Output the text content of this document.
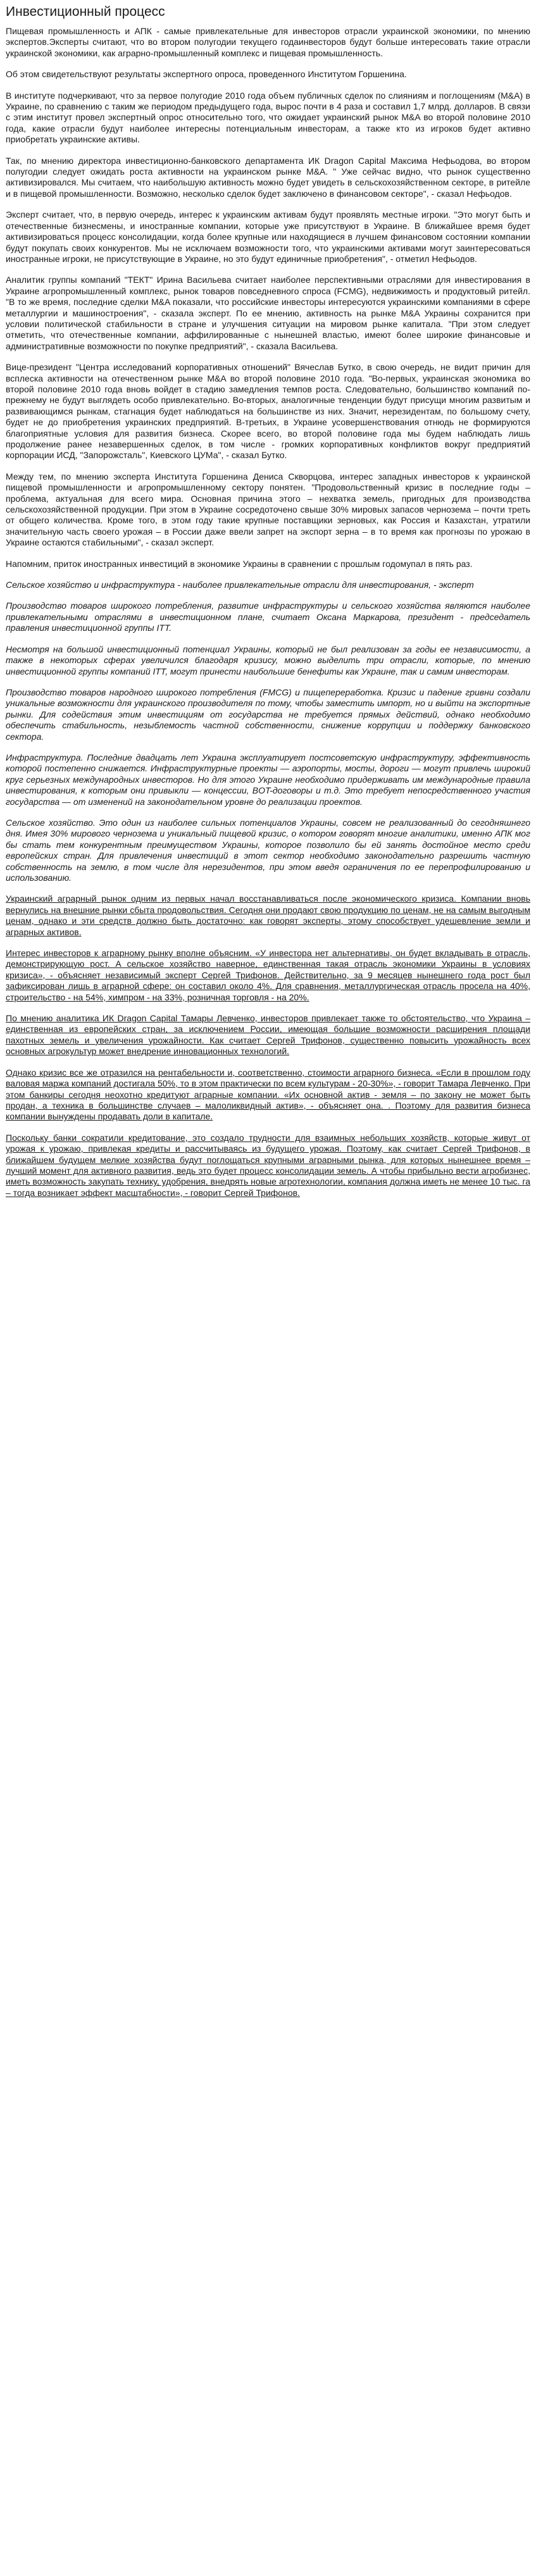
Инвестиционный процесс

Пищевая промышленность и АПК - самые привлекательные для инвесторов отрасли украинской экономики, по мнению экспертов.Эксперты считают, что во втором полугодии текущего годаинвесторов будут больше интересовать такие отрасли украинской экономики, как аграрно-промышленный комплекс и пищевая промышленность.

Об этом свидетельствуют результаты экспертного опроса, проведенного Институтом Горшенина.

В институте подчеркивают, что за первое полугодие 2010 года объем публичных сделок по слияниям и поглощениям (M&A) в Украине, по сравнению с таким же периодом предыдущего года, вырос почти в 4 раза и составил 1,7 млрд. долларов. В связи с этим институт провел экспертный опрос относительно того, что ожидает украинский рынок M&A во второй половине 2010 года, какие отрасли будут наиболее интересны потенциальным инвесторам, а также кто из игроков будет активно приобретать украинские активы.

Так, по мнению директора инвестиционно-банковского департамента ИК Dragon Capital Максима Нефьодова, во втором полугодии следует ожидать роста активности на украинском рынке M&A. " Уже сейчас видно, что рынок существенно активизировался. Мы считаем, что наибольшую активность можно будет увидеть в сельскохозяйственном секторе, в ритейле и в пищевой промышленности. Возможно, несколько сделок будет заключено в финансовом секторе", - сказал Нефьодов.

Эксперт считает, что, в первую очередь, интерес к украинским активам будут проявлять местные игроки. "Это могут быть и отечественные бизнесмены, и иностранные компании, которые уже присутствуют в Украине. В ближайшее время будет активизироваться процесс консолидации, когда более крупные или находящиеся в лучшем финансовом состоянии компании будут покупать своих конкурентов. Мы не исключаем возможности того, что украинскими активами могут заинтересоваться иностранные игроки, не присутствующие в Украине, но это будут единичные приобретения", - отметил Нефьодов.

Аналитик группы компаний "ТЕКТ" Ирина Васильева считает наиболее перспективными отраслями для инвестирования в Украине агропромышленный комплекс, рынок товаров повседневного спроса (FCMG), недвижимость и продуктовый ритейл. "В то же время, последние сделки M&A показали, что российские инвесторы интересуются украинскими компаниями в сфере металлургии и машиностроения", - сказала эксперт. По ее мнению, активность на рынке M&A Украины сохранится при условии политической стабильности в стране и улучшения ситуации на мировом рынке капитала. "При этом следует отметить, что отечественные компании, аффилированные с нынешней властью, имеют более широкие финансовые и административные возможности по покупке предприятий", - сказала Васильева.

Вице-президент "Центра исследований корпоративных отношений" Вячеслав Бутко, в свою очередь, не видит причин для всплеска активности на отечественном рынке M&A во второй половине 2010 года. "Во-первых, украинская экономика во второй половине 2010 года вновь войдет в стадию замедления темпов роста. Следовательно, большинство компаний по-прежнему не будут выглядеть особо привлекательно. Во-вторых, аналогичные тенденции будут присущи многим развитым и развивающимся рынкам, стагнация будет наблюдаться на большинстве из них. Значит, нерезидентам, по большому счету, будет не до приобретения украинских предприятий. В-третьих, в Украине усовершенствования отнюдь не формируются благоприятные условия для развития бизнеса. Скорее всего, во второй половине года мы будем наблюдать лишь продолжение ранее незавершенных сделок, в том числе - громких корпоративных конфликтов вокруг предприятий корпорации ИСД, "Запорожсталь", Киевского ЦУМа", - сказал Бутко.

Между тем, по мнению эксперта Института Горшенина Дениса Скворцова, интерес западных инвесторов к украинской пищевой промышленности и агропромышленному сектору понятен. "Продовольственный кризис в последние годы – проблема, актуальная для всего мира. Основная причина этого – нехватка земель, пригодных для производства сельскохозяйственной продукции. При этом в Украине сосредоточено свыше 30% мировых запасов чернозема – почти треть от общего количества. Кроме того, в этом году такие крупные поставщики зерновых, как Россия и Казахстан, утратили значительную часть своего урожая – в России даже ввели запрет на экспорт зерна – в то время как прогнозы по урожаю в Украине остаются стабильными", - сказал эксперт.

Напомним, приток иностранных инвестиций в экономике Украины в сравнении с прошлым годомупал в пять раз.

Сельское хозяйство и инфраструктура - наиболее привлекательные отрасли для инвестирования, - эксперт

Производство товаров широкого потребления, развитие инфраструктуры и сельского хозяйства являются наиболее привлекательными отраслями в инвестиционном плане, считает Оксана Маркарова, президент - председатель правления инвестиционной группы ITT.

Несмотря на большой инвестиционный потенциал Украины, который не был реализован за годы ее независимости, а также в некоторых сферах увеличился благодаря кризису, можно выделить три отрасли, которые, по мнению инвестиционной группы компаний ITT, могут принести наибольшие бенефиты как Украине, так и самим инвесторам.

Производство товаров народного широкого потребления (FMCG) и пищепереработка. Кризис и падение гривни создали уникальные возможности для украинского производителя по тому, чтобы заместить импорт, но и выйти на экспортные рынки. Для содействия этим инвестициям от государства не требуется прямых действий, однако необходимо обеспечить стабильность, незыблемость частной собственности, снижение коррупции и поддержку банковского сектора.

Инфраструктура. Последние двадцать лет Украина эксплуатирует постсоветскую инфраструктуру, эффективность которой постепенно снижается. Инфраструктурные проекты — аэропорты, мосты, дороги — могут привлечь широкий круг серьезных международных инвесторов. Но для этого Украине необходимо придерживать им международные правила инвестирования, к которым они привыкли — концессии, BOT-договоры и т.д. Это требует непосредственного участия государства — от изменений на законодательном уровне до реализации проектов.

Сельское хозяйство. Это один из наиболее сильных потенциалов Украины, совсем не реализованный до сегодняшнего дня. Имея 30% мирового чернозема и уникальный пищевой кризис, о котором говорят многие аналитики, именно АПК мог бы стать тем конкурентным преимуществом Украины, которое позволило бы ей занять достойное место среди европейских стран. Для привлечения инвестиций в этот сектор необходимо законодательно разрешить частную собственность на землю, в том числе для нерезидентов, при этом введя ограничения по ее перепрофилированию и использованию.

Украинский аграрный рынок одним из первых начал восстанавливаться после экономического кризиса. Компании вновь вернулись на внешние рынки сбыта продовольствия. Сегодня они продают свою продукцию по ценам, не на самым выгодным ценам, однако и эти средств должно быть достаточно: как говорят эксперты, этому способствует удешевление земли и аграрных активов.

Интерес инвесторов к аграрному рынку вполне объясним. «У инвестора нет альтернативы, он будет вкладывать в отрасль, демонстрирующую рост. А сельское хозяйство наверное, единственная такая отрасль экономики Украины в условиях кризиса», - объясняет независимый эксперт Сергей Трифонов. Действительно, за 9 месяцев нынешнего года рост был зафиксирован лишь в аграрной сфере: он составил около 4%. Для сравнения, металлургическая отрасль просела на 40%, строительство - на 54%, химпром - на 33%, розничная торговля - на 20%.

По мнению аналитика ИК Dragon Capital Тамары Левченко, инвесторов привлекает также то обстоятельство, что Украина – единственная из европейских стран, за исключением России, имеющая большие возможности расширения площади пахотных земель и увеличения урожайности. Как считает Сергей Трифонов, существенно повысить урожайность всех основных агрокультур может внедрение инновационных технологий.

Однако кризис все же отразился на рентабельности и, соответственно, стоимости аграрного бизнеса. «Если в прошлом году валовая маржа компаний достигала 50%, то в этом практически по всем культурам - 20-30%», - говорит Тамара Левченко. При этом банкиры сегодня неохотно кредитуют аграрные компании. «Их основной актив - земля – по закону не может быть продан, а техника в большинстве случаев – малоликвидный актив», - объясняет она. . Поэтому для развития бизнеса компании вынуждены продавать доли в капитале.

Поскольку банки сократили кредитование, это создало трудности для взаимных небольших хозяйств, которые живут от урожая к урожаю, привлекая кредиты и рассчитываясь из будущего урожая. Поэтому, как считает Сергей Трифонов, в ближайшем будущем мелкие хозяйства будут поглощаться крупными аграрными рынка, для которых нынешнее время – лучший момент для активного развития, ведь это будет процесс консолидации земель. А чтобы прибыльно вести агробизнес, иметь возможность закупать технику, удобрения, внедрять новые агротехнологии, компания должна иметь не менее 10 тыс. га – тогда возникает эффект масштабности», - говорит Сергей Трифонов.
